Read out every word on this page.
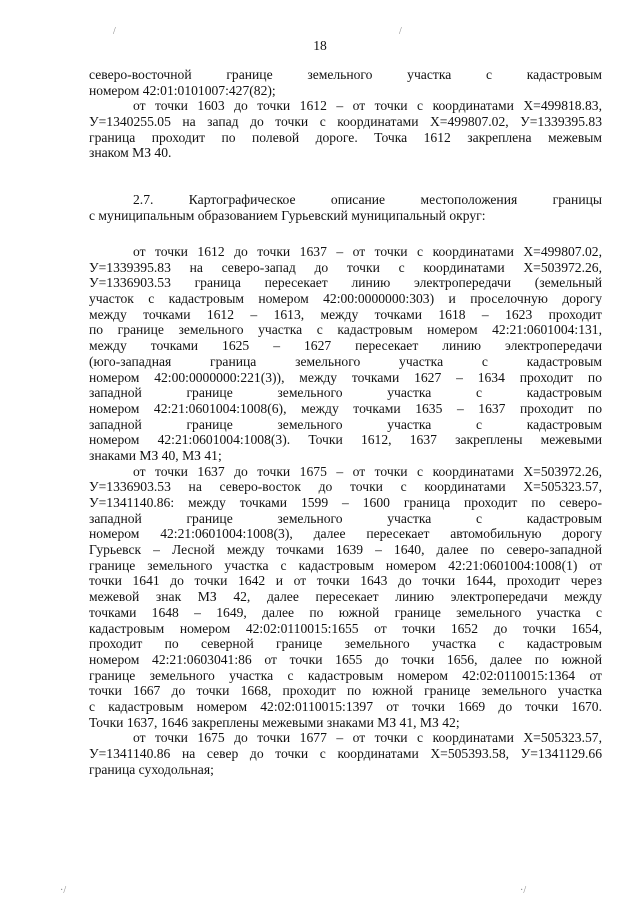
/	/
18
северо-восточной границе земельного участка с кадастровым
номером 42:01:0101007:427(82);
от точки 1603 до точки 1612 – от точки с координатами Х=499818.83,
У=1340255.05 на запад до точки с координатами Х=499807.02, У=1339395.83
граница проходит по полевой дороге. Точка 1612 закреплена межевым
знаком МЗ 40.
2.7. Картографическое описание местоположения границы
с муниципальным образованием Гурьевский муниципальный округ:
от точки 1612 до точки 1637 – от точки с координатами Х=499807.02,
У=1339395.83 на северо-запад до точки с координатами Х=503972.26,
У=1336903.53 граница пересекает линию электропередачи (земельный
участок с кадастровым номером 42:00:0000000:303) и проселочную дорогу
между точками 1612 – 1613, между точками 1618 – 1623 проходит
по границе земельного участка с кадастровым номером 42:21:0601004:131,
между точками 1625 – 1627 пересекает линию электропередачи
(юго-западная граница земельного участка с кадастровым
номером 42:00:0000000:221(3)), между точками 1627 – 1634 проходит по
западной границе земельного участка с кадастровым
номером 42:21:0601004:1008(6), между точками 1635 – 1637 проходит по
западной границе земельного участка с кадастровым
номером 42:21:0601004:1008(3). Точки 1612, 1637 закреплены межевыми
знаками МЗ 40, МЗ 41;
от точки 1637 до точки 1675 – от точки с координатами Х=503972.26,
У=1336903.53 на северо-восток до точки с координатами Х=505323.57,
У=1341140.86: между точками 1599 – 1600 граница проходит по северо-
западной границе земельного участка с кадастровым
номером 42:21:0601004:1008(3), далее пересекает автомобильную дорогу
Гурьевск – Лесной между точками 1639 – 1640, далее по северо-западной
границе земельного участка с кадастровым номером 42:21:0601004:1008(1) от
точки 1641 до точки 1642 и от точки 1643 до точки 1644, проходит через
межевой знак МЗ 42, далее пересекает линию электропередачи между
точками 1648 – 1649, далее по южной границе земельного участка с
кадастровым номером 42:02:0110015:1655 от точки 1652 до точки 1654,
проходит по северной границе земельного участка с кадастровым
номером 42:21:0603041:86 от точки 1655 до точки 1656, далее по южной
границе земельного участка с кадастровым номером 42:02:0110015:1364 от
точки 1667 до точки 1668, проходит по южной границе земельного участка
с кадастровым номером 42:02:0110015:1397 от точки 1669 до точки 1670.
Точки 1637, 1646 закреплены межевыми знаками МЗ 41, МЗ 42;
от точки 1675 до точки 1677 – от точки с координатами Х=505323.57,
У=1341140.86 на север до точки с координатами Х=505393.58, У=1341129.66
граница суходольная;
·/	·/
